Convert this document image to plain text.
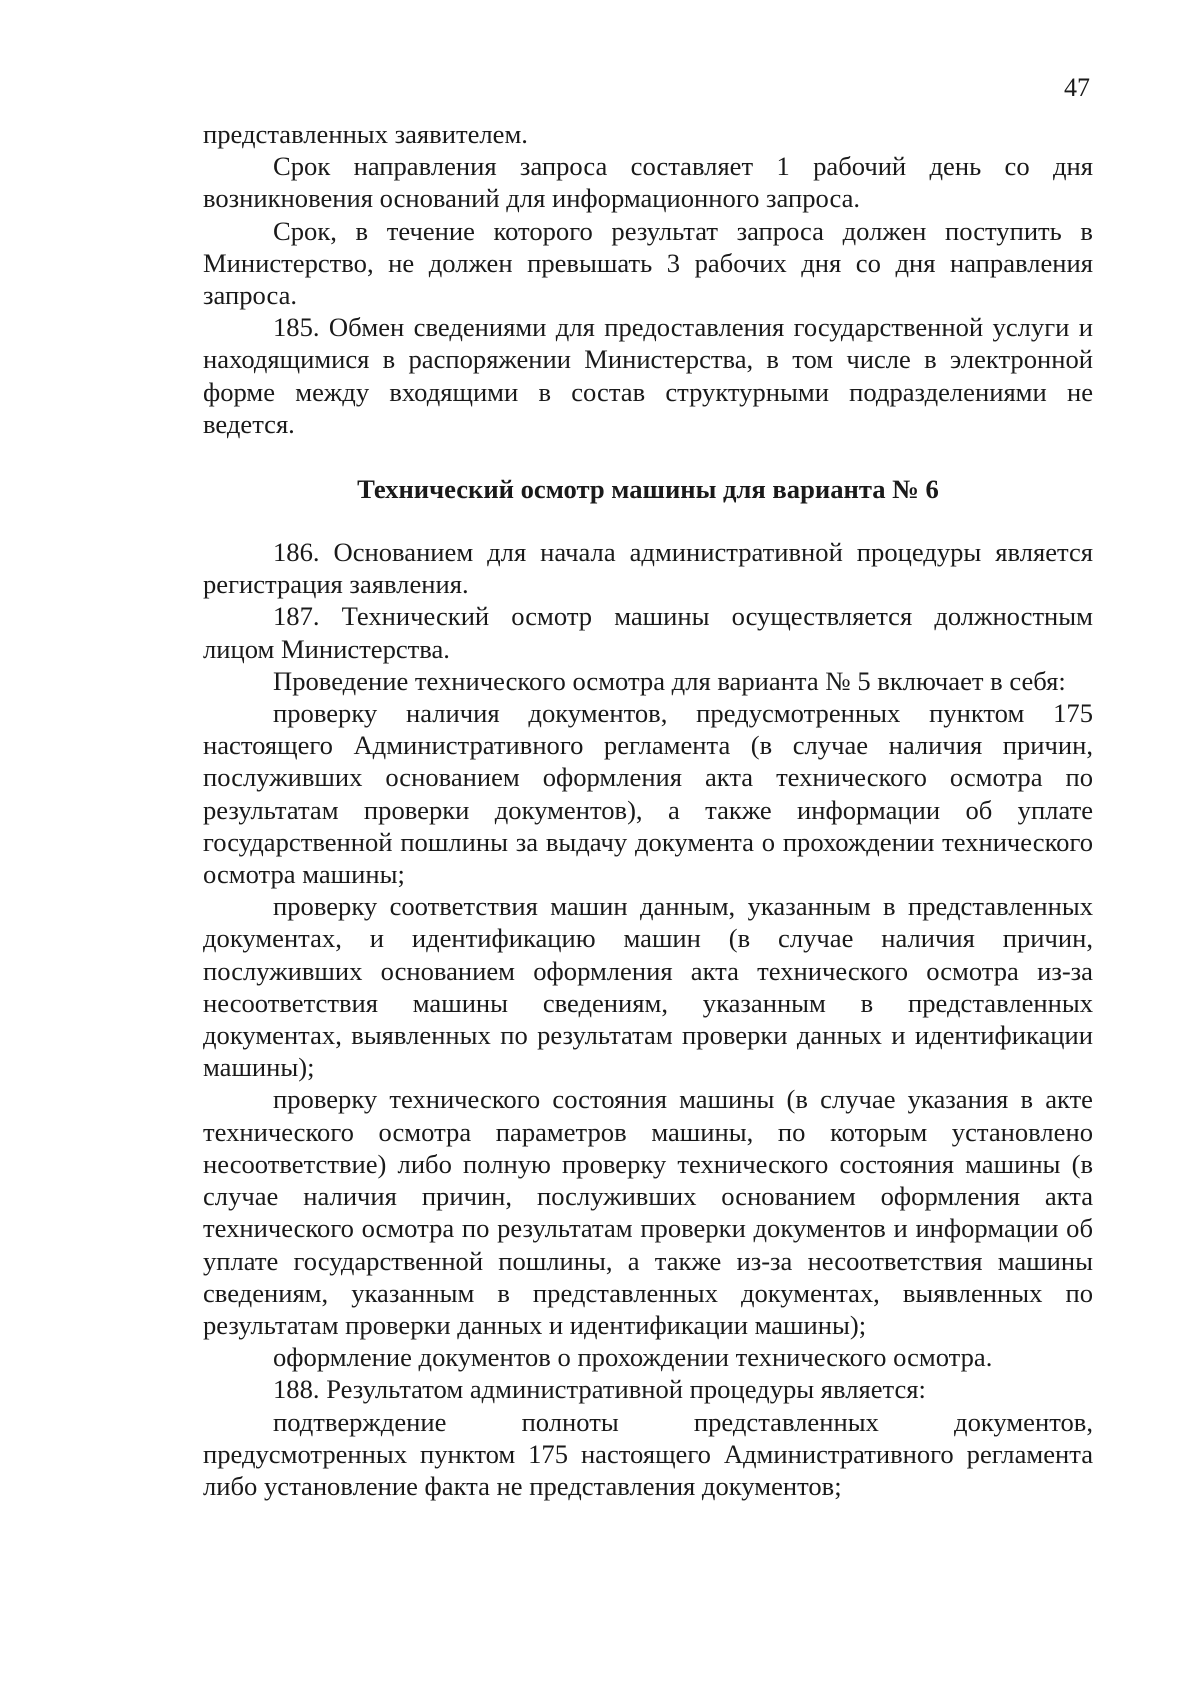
47

представленных заявителем.

Срок направления запроса составляет 1 рабочий день со дня возникновения оснований для информационного запроса.

Срок, в течение которого результат запроса должен поступить в Министерство, не должен превышать 3 рабочих дня со дня направления запроса.

185. Обмен сведениями для предоставления государственной услуги и находящимися в распоряжении Министерства, в том числе в электронной форме между входящими в состав структурными подразделениями не ведется.

Технический осмотр машины для варианта № 6

186. Основанием для начала административной процедуры является регистрация заявления.

187. Технический осмотр машины осуществляется должностным лицом Министерства.

Проведение технического осмотра для варианта № 5 включает в себя:

проверку наличия документов, предусмотренных пунктом 175 настоящего Административного регламента (в случае наличия причин, послуживших основанием оформления акта технического осмотра по результатам проверки документов), а также информации об уплате государственной пошлины за выдачу документа о прохождении технического осмотра машины;

проверку соответствия машин данным, указанным в представленных документах, и идентификацию машин (в случае наличия причин, послуживших основанием оформления акта технического осмотра из-за несоответствия машины сведениям, указанным в представленных документах, выявленных по результатам проверки данных и идентификации машины);

проверку технического состояния машины (в случае указания в акте технического осмотра параметров машины, по которым установлено несоответствие) либо полную проверку технического состояния машины (в случае наличия причин, послуживших основанием оформления акта технического осмотра по результатам проверки документов и информации об уплате государственной пошлины, а также из-за несоответствия машины сведениям, указанным в представленных документах, выявленных по результатам проверки данных и идентификации машины);

оформление документов о прохождении технического осмотра.

188. Результатом административной процедуры является:

подтверждение полноты представленных документов, предусмотренных пунктом 175 настоящего Административного регламента либо установление факта не представления документов;
